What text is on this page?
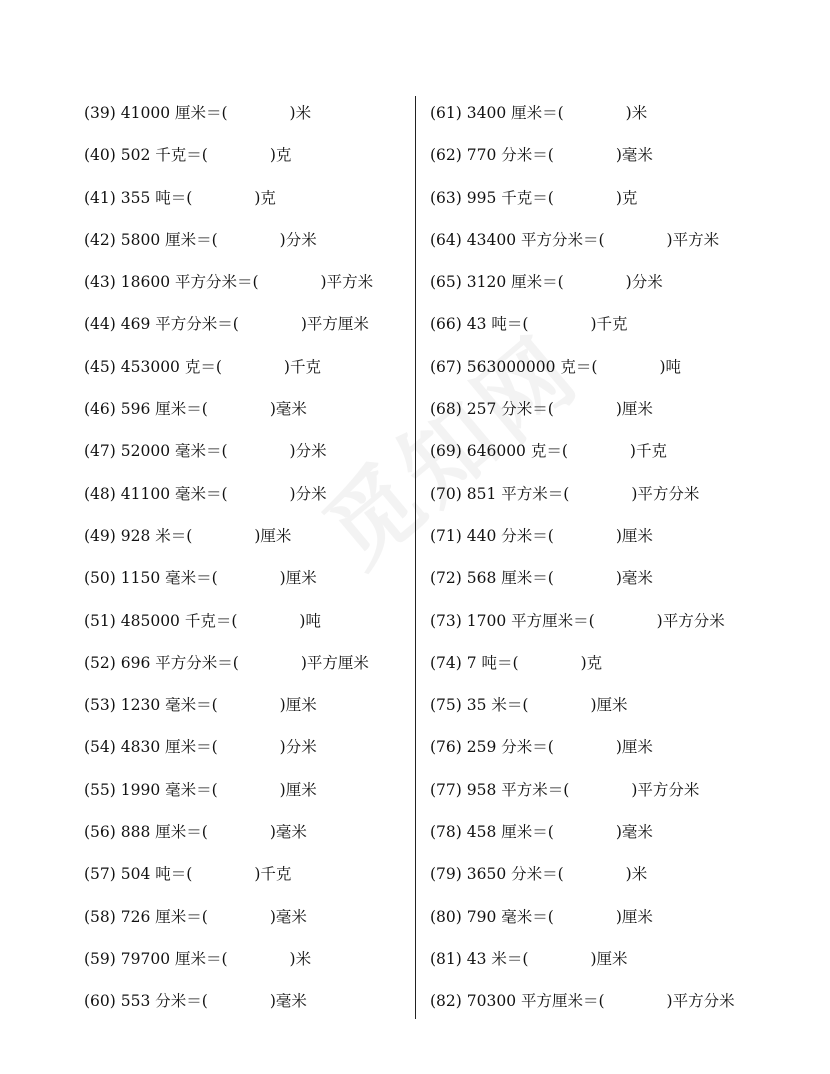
(39) 41000 厘米＝(	) 米
(40) 502 千克＝(	) 克
(41) 355 吨＝(	) 克
(42) 5800 厘米＝(	) 分米
(43) 18600 平方分米＝(	) 平方米
(44) 469 平方分米＝(	) 平方厘米
(45) 453000 克＝(	) 千克
(46) 596 厘米＝(	) 毫米
(47) 52000 毫米＝(	) 分米
(48) 41100 毫米＝(	) 分米
(49) 928 米＝(	) 厘米
(50) 1150 毫米＝(	) 厘米
(51) 485000 千克＝(	) 吨
(52) 696 平方分米＝(	) 平方厘米
(53) 1230 毫米＝(	) 厘米
(54) 4830 厘米＝(	) 分米
(55) 1990 毫米＝(	) 厘米
(56) 888 厘米＝(	) 毫米
(57) 504 吨＝(	) 千克
(58) 726 厘米＝(	) 毫米
(59) 79700 厘米＝(	) 米
(60) 553 分米＝(	) 毫米
(61) 3400 厘米＝(	) 米
(62) 770 分米＝(	) 毫米
(63) 995 千克＝(	) 克
(64) 43400 平方分米＝(	) 平方米
(65) 3120 厘米＝(	) 分米
(66) 43 吨＝(	) 千克
(67) 563000000 克＝(	) 吨
(68) 257 分米＝(	) 厘米
(69) 646000 克＝(	) 千克
(70) 851 平方米＝(	) 平方分米
(71) 440 分米＝(	) 厘米
(72) 568 厘米＝(	) 毫米
(73) 1700 平方厘米＝(	) 平方分米
(74) 7 吨＝(	) 克
(75) 35 米＝(	) 厘米
(76) 259 分米＝(	) 厘米
(77) 958 平方米＝(	) 平方分米
(78) 458 厘米＝(	) 毫米
(79) 3650 分米＝(	) 米
(80) 790 毫米＝(	) 厘米
(81) 43 米＝(	) 厘米
(82) 70300 平方厘米＝(	) 平方分米
